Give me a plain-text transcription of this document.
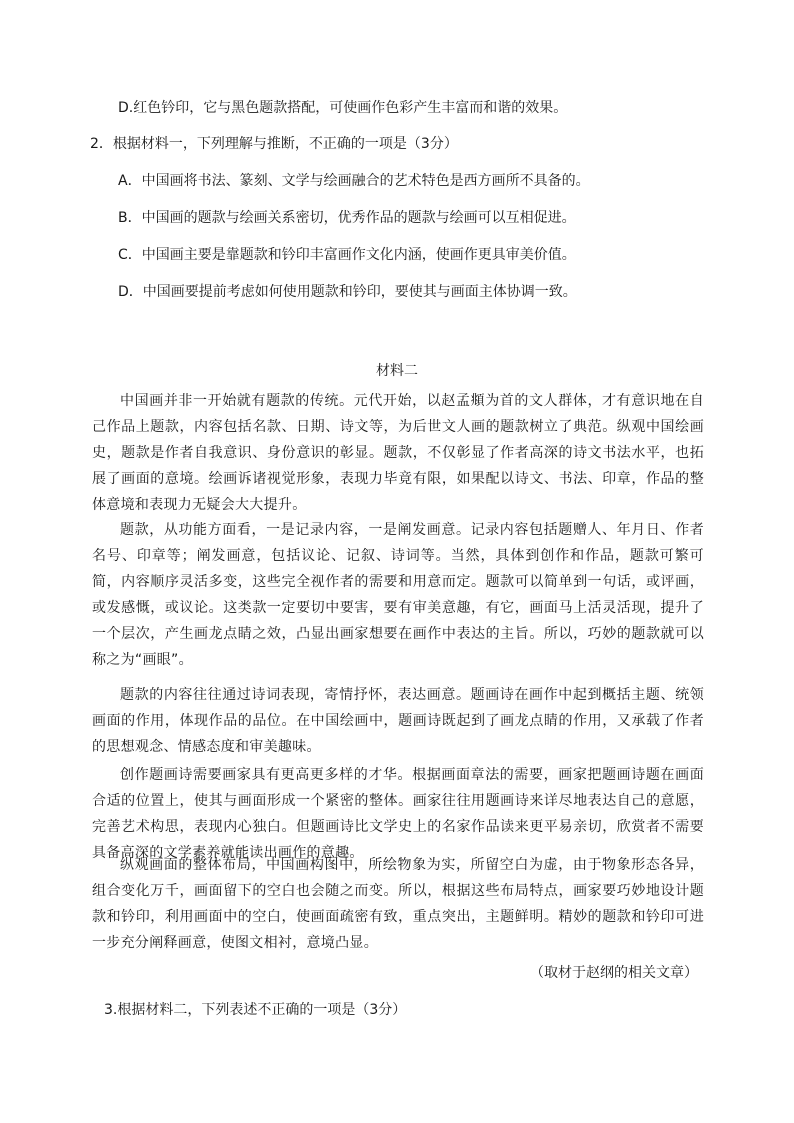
D.红色钤印，它与黑色题款搭配，可使画作色彩产生丰富而和谐的效果。
2．根据材料一，下列理解与推断，不正确的一项是（3分）
A．中国画将书法、篆刻、文学与绘画融合的艺术特色是西方画所不具备的。
B．中国画的题款与绘画关系密切，优秀作品的题款与绘画可以互相促进。
C．中国画主要是靠题款和钤印丰富画作文化内涵，使画作更具审美价值。
D．中国画要提前考虑如何使用题款和钤印，要使其与画面主体协调一致。
材料二

中国画并非一开始就有题款的传统。元代开始，以赵孟頫为首的文人群体，才有意识地在自己作品上题款，内容包括名款、日期、诗文等，为后世文人画的题款树立了典范。纵观中国绘画史，题款是作者自我意识、身份意识的彰显。题款，不仅彰显了作者高深的诗文书法水平，也拓展了画面的意境。绘画诉诸视觉形象，表现力毕竟有限，如果配以诗文、书法、印章，作品的整体意境和表现力无疑会大大提升。

题款，从功能方面看，一是记录内容，一是阐发画意。记录内容包括题赠人、年月日、作者名号、印章等；阐发画意，包括议论、记叙、诗词等。当然，具体到创作和作品，题款可繁可简，内容顺序灵活多变，这些完全视作者的需要和用意而定。题款可以简单到一句话，或评画，或发感慨，或议论。这类款一定要切中要害，要有审美意趣，有它，画面马上活灵活现，提升了一个层次，产生画龙点睛之效，凸显出画家想要在画作中表达的主旨。所以，巧妙的题款就可以称之为“画眼”。

题款的内容往往通过诗词表现，寄情抒怀，表达画意。题画诗在画作中起到概括主题、统领画面的作用，体现作品的品位。在中国绘画中，题画诗既起到了画龙点睛的作用，又承载了作者的思想观念、情感态度和审美趣味。

创作题画诗需要画家具有更高更多样的才华。根据画面章法的需要，画家把题画诗题在画面合适的位置上，使其与画面形成一个紧密的整体。画家往往用题画诗来详尽地表达自己的意愿，完善艺术构思，表现内心独白。但题画诗比文学史上的名家作品读来更平易亲切，欣赏者不需要具备高深的文学素养就能读出画作的意趣。

纵观画面的整体布局，中国画构图中，所绘物象为实，所留空白为虚，由于物象形态各异，组合变化万千，画面留下的空白也会随之而变。所以，根据这些布局特点，画家要巧妙地设计题款和钤印，利用画面中的空白，使画面疏密有致，重点突出，主题鲜明。精妙的题款和钤印可进一步充分阐释画意，使图文相衬，意境凸显。

（取材于赵纲的相关文章）
3.根据材料二，下列表述不正确的一项是（3分）
